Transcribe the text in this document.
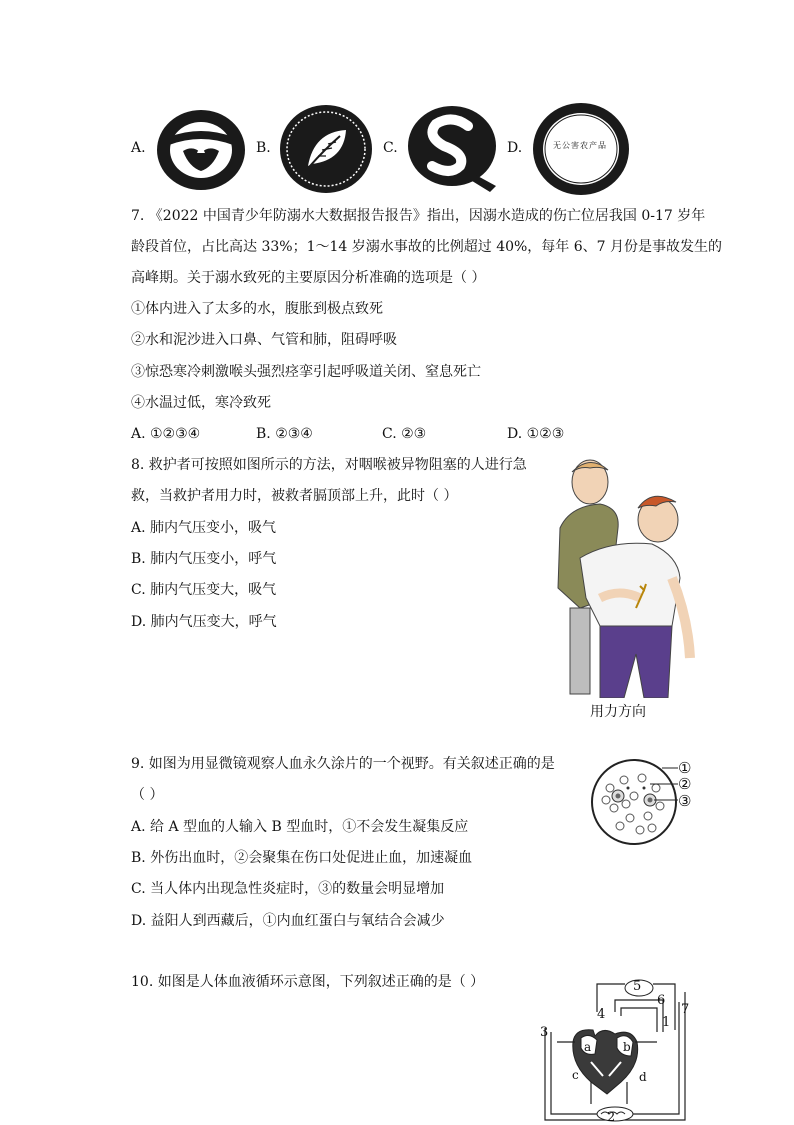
A.	B.	C.	D.	无公害农产品
7. 《2022 中国青少年防溺水大数据报告报告》指出，因溺水造成的伤亡位居我国 0-17 岁年
龄段首位，占比高达 33%；1～14 岁溺水事故的比例超过 40%，每年 6、7 月份是事故发生的
高峰期。关于溺水致死的主要原因分析准确的选项是（ ）
①体内进入了太多的水，腹胀到极点致死
②水和泥沙进入口鼻、气管和肺，阻碍呼吸
③惊恐寒冷刺激喉头强烈痉挛引起呼吸道关闭、窒息死亡
④水温过低，寒冷致死
A. ①②③④	B. ②③④	C. ②③	D. ①②③
8. 救护者可按照如图所示的方法，对咽喉被异物阻塞的人进行急
救，当救护者用力时，被救者膈顶部上升，此时（ ）
A. 肺内气压变小，吸气
B. 肺内气压变小，呼气
C. 肺内气压变大，吸气
D. 肺内气压变大，呼气
用力方向
9. 如图为用显微镜观察人血永久涂片的一个视野。有关叙述正确的是
（ ）
A. 给 A 型血的人输入 B 型血时，①不会发生凝集反应
B. 外伤出血时，②会聚集在伤口处促进止血，加速凝血
C. 当人体内出现急性炎症时，③的数量会明显增加
D. 益阳人到西藏后，①内血红蛋白与氧结合会减少
①
②
③
10. 如图是人体血液循环示意图，下列叙述正确的是（ ）	5
6
4	7
1
3
a	b
c	d
2
